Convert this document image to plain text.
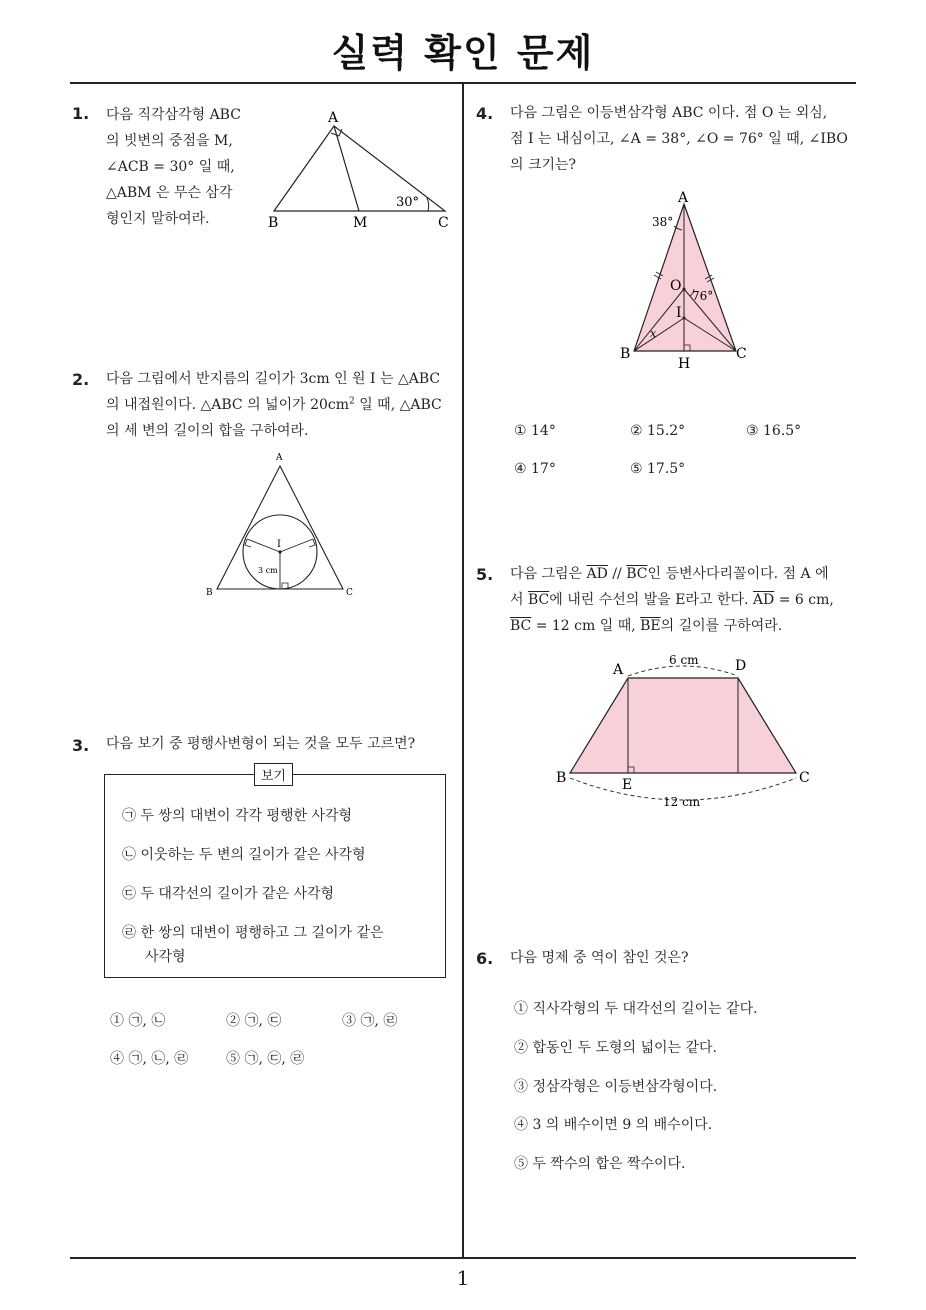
실력 확인 문제
1
1. 다음 직각삼각형 ABC
의 빗변의 중점을 M,
∠ACB = 30° 일 때,
△ABM 은 무슨 삼각
형인지 말하여라.
A
B	M	C
30°
2. 다음 그림에서 반지름의 길이가 3cm 인 원 I 는 △ABC
의 내접원이다. △ABC 의 넓이가 $20cm^2$ 일 때, △ABC
의 세 변의 길이의 합을 구하여라.
A
B	C
I
3 cm
3. 다음 보기 중 평행사변형이 되는 것을 모두 고르면?
보기
㉠ 두 쌍의 대변이 각각 평행한 사각형
㉡ 이웃하는 두 변의 길이가 같은 사각형
㉢ 두 대각선의 길이가 같은 사각형
㉣ 한 쌍의 대변이 평행하고 그 길이가 같은
사각형
① ㉠, ㉡	② ㉠, ㉢	③ ㉠, ㉣
④ ㉠, ㉡, ㉣	⑤ ㉠, ㉢, ㉣
4. 다음 그림은 이등변삼각형 ABC 이다. 점 O 는 외심,
점 I 는 내심이고, ∠A = 38°, ∠O = 76° 일 때, ∠IBO
의 크기는?
A
B	C
O
I
H
38°
76°
x
① 14°	② 15.2°	③ 16.5°
④ 17°	⑤ 17.5°
5. 다음 그림은 $\overline{AD} // \overline{BC}$인 등변사다리꼴이다. 점 A 에
서 $\overline{BC}$에 내린 수선의 발을 E라고 한다. $\overline{AD} = 6$ cm,
$\overline{BC} = 12$ cm 일 때, $\overline{BE}$의 길이를 구하여라.
A	D
B	C
E
6 cm
12 cm
6. 다음 명제 중 역이 참인 것은?
① 직사각형의 두 대각선의 길이는 같다.
② 합동인 두 도형의 넓이는 같다.
③ 정삼각형은 이등변삼각형이다.
④ 3 의 배수이면 9 의 배수이다.
⑤ 두 짝수의 합은 짝수이다.
